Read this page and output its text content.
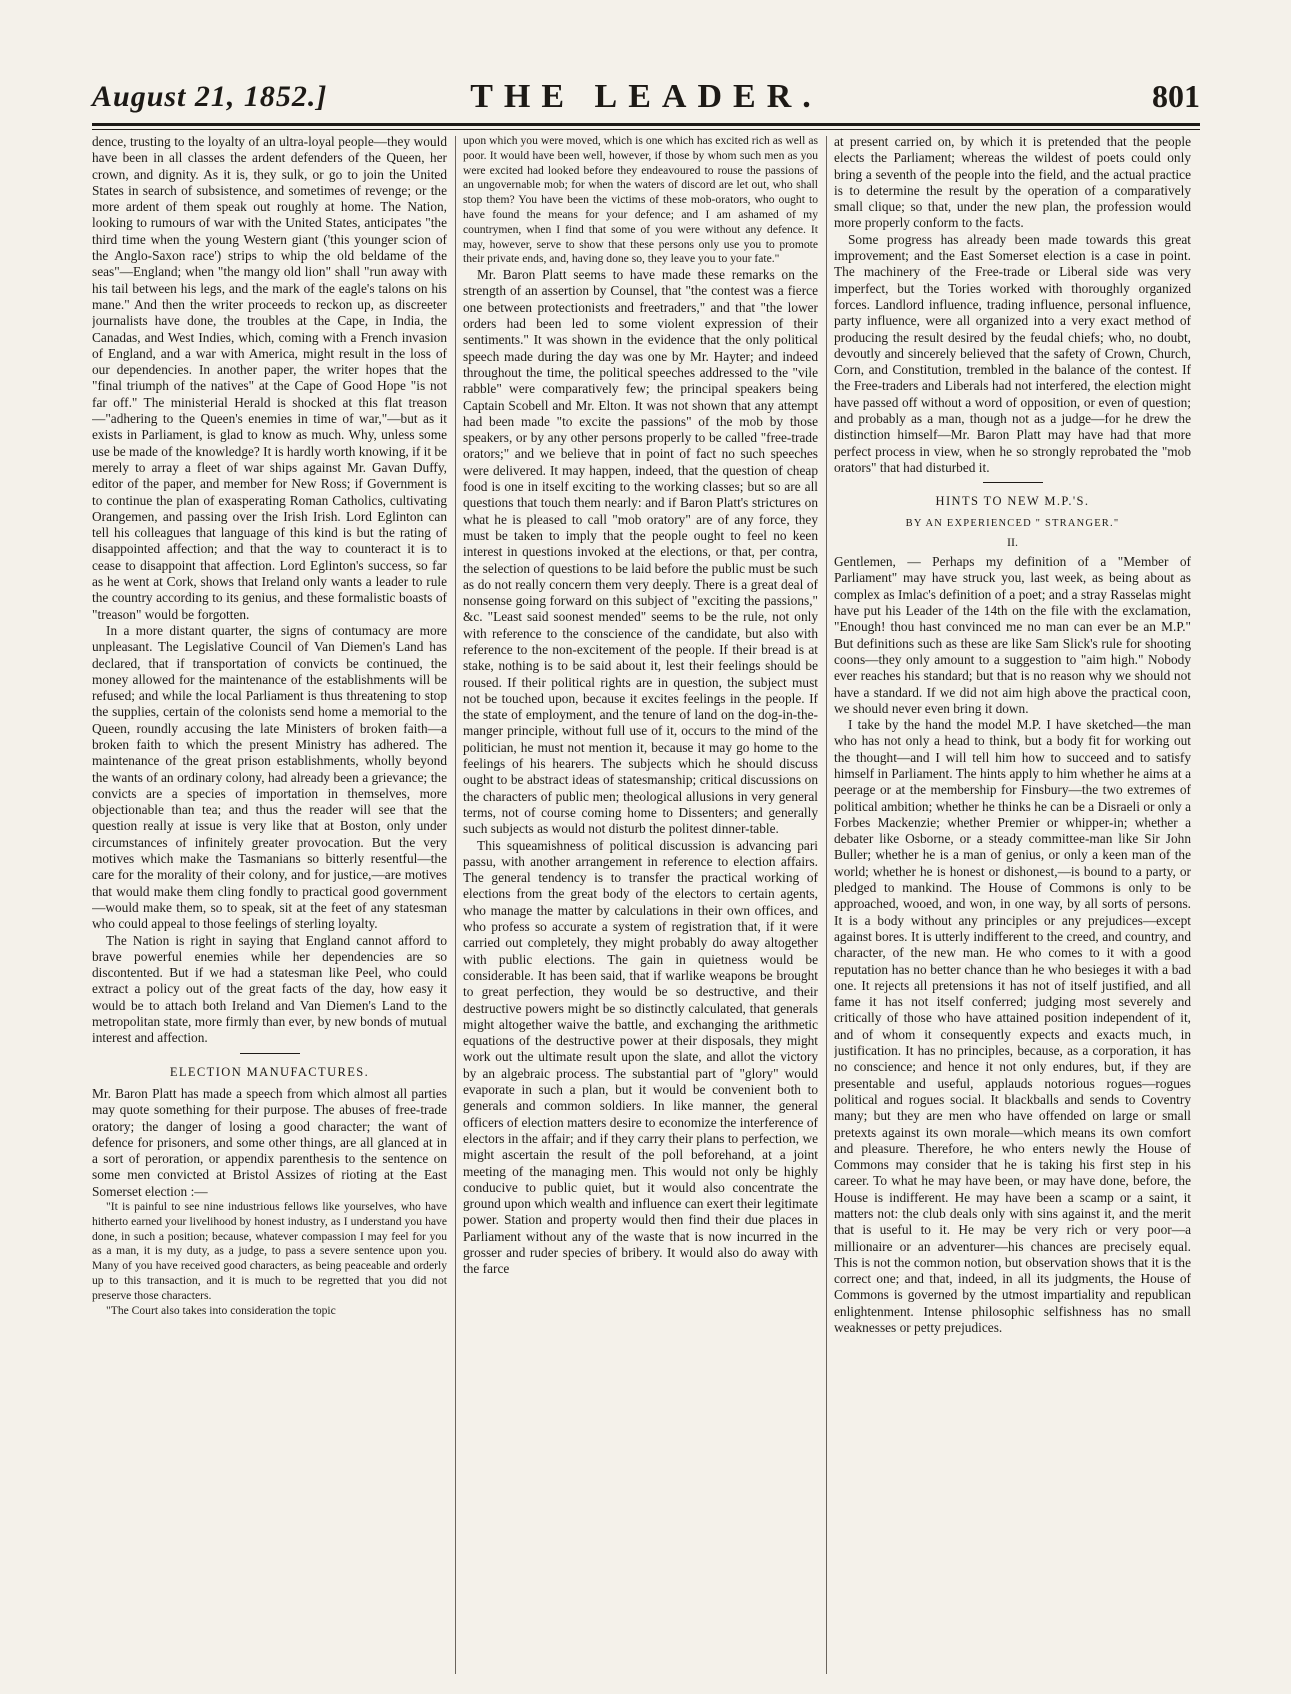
August 21, 1852.]	THE LEADER.	801

dence, trusting to the loyalty of an ultra-loyal people—they would have been in all classes the ardent defenders of the Queen, her crown, and dignity. As it is, they sulk, or go to join the United States in search of subsistence, and sometimes of revenge; or the more ardent of them speak out roughly at home. The Nation, looking to rumours of war with the United States, anticipates "the third time when the young Western giant ('this younger scion of the Anglo-Saxon race') strips to whip the old beldame of the seas"—England; when "the mangy old lion" shall "run away with his tail between his legs, and the mark of the eagle's talons on his mane." And then the writer proceeds to reckon up, as discreeter journalists have done, the troubles at the Cape, in India, the Canadas, and West Indies, which, coming with a French invasion of England, and a war with America, might result in the loss of our dependencies. In another paper, the writer hopes that the "final triumph of the natives" at the Cape of Good Hope "is not far off." The ministerial Herald is shocked at this flat treason—"adhering to the Queen's enemies in time of war,"—but as it exists in Parliament, is glad to know as much. Why, unless some use be made of the knowledge? It is hardly worth knowing, if it be merely to array a fleet of war ships against Mr. Gavan Duffy, editor of the paper, and member for New Ross; if Government is to continue the plan of exasperating Roman Catholics, cultivating Orangemen, and passing over the Irish Irish. Lord Eglinton can tell his colleagues that language of this kind is but the rating of disappointed affection; and that the way to counteract it is to cease to disappoint that affection. Lord Eglinton's success, so far as he went at Cork, shows that Ireland only wants a leader to rule the country according to its genius, and these formalistic boasts of "treason" would be forgotten.

In a more distant quarter, the signs of contumacy are more unpleasant. The Legislative Council of Van Diemen's Land has declared, that if transportation of convicts be continued, the money allowed for the maintenance of the establishments will be refused; and while the local Parliament is thus threatening to stop the supplies, certain of the colonists send home a memorial to the Queen, roundly accusing the late Ministers of broken faith—a broken faith to which the present Ministry has adhered. The maintenance of the great prison establishments, wholly beyond the wants of an ordinary colony, had already been a grievance; the convicts are a species of importation in themselves, more objectionable than tea; and thus the reader will see that the question really at issue is very like that at Boston, only under circumstances of infinitely greater provocation. But the very motives which make the Tasmanians so bitterly resentful—the care for the morality of their colony, and for justice,—are motives that would make them cling fondly to practical good government—would make them, so to speak, sit at the feet of any statesman who could appeal to those feelings of sterling loyalty.

The Nation is right in saying that England cannot afford to brave powerful enemies while her dependencies are so discontented. But if we had a statesman like Peel, who could extract a policy out of the great facts of the day, how easy it would be to attach both Ireland and Van Diemen's Land to the metropolitan state, more firmly than ever, by new bonds of mutual interest and affection.

ELECTION MANUFACTURES.

Mr. Baron Platt has made a speech from which almost all parties may quote something for their purpose. The abuses of free-trade oratory; the danger of losing a good character; the want of defence for prisoners, and some other things, are all glanced at in a sort of peroration, or appendix parenthesis to the sentence on some men convicted at Bristol Assizes of rioting at the East Somerset election :—

"It is painful to see nine industrious fellows like yourselves, who have hitherto earned your livelihood by honest industry, as I understand you have done, in such a position; because, whatever compassion I may feel for you as a man, it is my duty, as a judge, to pass a severe sentence upon you. Many of you have received good characters, as being peaceable and orderly up to this transaction, and it is much to be regretted that you did not preserve those characters.

"The Court also takes into consideration the topic

upon which you were moved, which is one which has excited rich as well as poor. It would have been well, however, if those by whom such men as you were excited had looked before they endeavoured to rouse the passions of an ungovernable mob; for when the waters of discord are let out, who shall stop them? You have been the victims of these mob-orators, who ought to have found the means for your defence; and I am ashamed of my countrymen, when I find that some of you were without any defence. It may, however, serve to show that these persons only use you to promote their private ends, and, having done so, they leave you to your fate."

Mr. Baron Platt seems to have made these remarks on the strength of an assertion by Counsel, that "the contest was a fierce one between protectionists and freetraders," and that "the lower orders had been led to some violent expression of their sentiments." It was shown in the evidence that the only political speech made during the day was one by Mr. Hayter; and indeed throughout the time, the political speeches addressed to the "vile rabble" were comparatively few; the principal speakers being Captain Scobell and Mr. Elton. It was not shown that any attempt had been made "to excite the passions" of the mob by those speakers, or by any other persons properly to be called "free-trade orators;" and we believe that in point of fact no such speeches were delivered. It may happen, indeed, that the question of cheap food is one in itself exciting to the working classes; but so are all questions that touch them nearly: and if Baron Platt's strictures on what he is pleased to call "mob oratory" are of any force, they must be taken to imply that the people ought to feel no keen interest in questions invoked at the elections, or that, per contra, the selection of questions to be laid before the public must be such as do not really concern them very deeply. There is a great deal of nonsense going forward on this subject of "exciting the passions," &c. "Least said soonest mended" seems to be the rule, not only with reference to the conscience of the candidate, but also with reference to the non-excitement of the people. If their bread is at stake, nothing is to be said about it, lest their feelings should be roused. If their political rights are in question, the subject must not be touched upon, because it excites feelings in the people. If the state of employment, and the tenure of land on the dog-in-the-manger principle, without full use of it, occurs to the mind of the politician, he must not mention it, because it may go home to the feelings of his hearers. The subjects which he should discuss ought to be abstract ideas of statesmanship; critical discussions on the characters of public men; theological allusions in very general terms, not of course coming home to Dissenters; and generally such subjects as would not disturb the politest dinner-table.

This squeamishness of political discussion is advancing pari passu, with another arrangement in reference to election affairs. The general tendency is to transfer the practical working of elections from the great body of the electors to certain agents, who manage the matter by calculations in their own offices, and who profess so accurate a system of registration that, if it were carried out completely, they might probably do away altogether with public elections. The gain in quietness would be considerable. It has been said, that if warlike weapons be brought to great perfection, they would be so destructive, and their destructive powers might be so distinctly calculated, that generals might altogether waive the battle, and exchanging the arithmetic equations of the destructive power at their disposals, they might work out the ultimate result upon the slate, and allot the victory by an algebraic process. The substantial part of "glory" would evaporate in such a plan, but it would be convenient both to generals and common soldiers. In like manner, the general officers of election matters desire to economize the interference of electors in the affair; and if they carry their plans to perfection, we might ascertain the result of the poll beforehand, at a joint meeting of the managing men. This would not only be highly conducive to public quiet, but it would also concentrate the ground upon which wealth and influence can exert their legitimate power. Station and property would then find their due places in Parliament without any of the waste that is now incurred in the grosser and ruder species of bribery. It would also do away with the farce

at present carried on, by which it is pretended that the people elects the Parliament; whereas the wildest of poets could only bring a seventh of the people into the field, and the actual practice is to determine the result by the operation of a comparatively small clique; so that, under the new plan, the profession would more properly conform to the facts.

Some progress has already been made towards this great improvement; and the East Somerset election is a case in point. The machinery of the Free-trade or Liberal side was very imperfect, but the Tories worked with thoroughly organized forces. Landlord influence, trading influence, personal influence, party influence, were all organized into a very exact method of producing the result desired by the feudal chiefs; who, no doubt, devoutly and sincerely believed that the safety of Crown, Church, Corn, and Constitution, trembled in the balance of the contest. If the Free-traders and Liberals had not interfered, the election might have passed off without a word of opposition, or even of question; and probably as a man, though not as a judge—for he drew the distinction himself—Mr. Baron Platt may have had that more perfect process in view, when he so strongly reprobated the "mob orators" that had disturbed it.

HINTS TO NEW M.P.'S.
BY AN EXPERIENCED " STRANGER."
II.

Gentlemen, — Perhaps my definition of a "Member of Parliament" may have struck you, last week, as being about as complex as Imlac's definition of a poet; and a stray Rasselas might have put his Leader of the 14th on the file with the exclamation, "Enough! thou hast convinced me no man can ever be an M.P." But definitions such as these are like Sam Slick's rule for shooting coons—they only amount to a suggestion to "aim high." Nobody ever reaches his standard; but that is no reason why we should not have a standard. If we did not aim high above the practical coon, we should never even bring it down.

I take by the hand the model M.P. I have sketched—the man who has not only a head to think, but a body fit for working out the thought—and I will tell him how to succeed and to satisfy himself in Parliament. The hints apply to him whether he aims at a peerage or at the membership for Finsbury—the two extremes of political ambition; whether he thinks he can be a Disraeli or only a Forbes Mackenzie; whether Premier or whipper-in; whether a debater like Osborne, or a steady committee-man like Sir John Buller; whether he is a man of genius, or only a keen man of the world; whether he is honest or dishonest,—is bound to a party, or pledged to mankind. The House of Commons is only to be approached, wooed, and won, in one way, by all sorts of persons. It is a body without any principles or any prejudices—except against bores. It is utterly indifferent to the creed, and country, and character, of the new man. He who comes to it with a good reputation has no better chance than he who besieges it with a bad one. It rejects all pretensions it has not of itself justified, and all fame it has not itself conferred; judging most severely and critically of those who have attained position independent of it, and of whom it consequently expects and exacts much, in justification. It has no principles, because, as a corporation, it has no conscience; and hence it not only endures, but, if they are presentable and useful, applauds notorious rogues—rogues political and rogues social. It blackballs and sends to Coventry many; but they are men who have offended on large or small pretexts against its own morale—which means its own comfort and pleasure. Therefore, he who enters newly the House of Commons may consider that he is taking his first step in his career. To what he may have been, or may have done, before, the House is indifferent. He may have been a scamp or a saint, it matters not: the club deals only with sins against it, and the merit that is useful to it. He may be very rich or very poor—a millionaire or an adventurer—his chances are precisely equal. This is not the common notion, but observation shows that it is the correct one; and that, indeed, in all its judgments, the House of Commons is governed by the utmost impartiality and republican enlightenment. Intense philosophic selfishness has no small weaknesses or petty prejudices.
